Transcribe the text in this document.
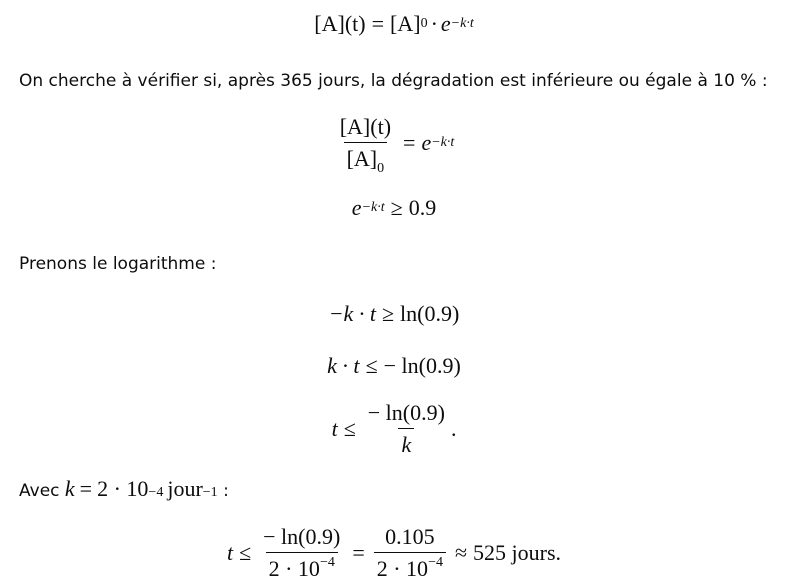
[A](t) = [A] 0 · e −k·t
On cherche à vérifier si, après 365 jours, la dégradation est inférieure ou égale à 10 % :
$\frac{[A](t)}{[A]_0} = e -k\cdot t$
e −k·t ≥ 0.9
Prenons le logarithme :
−k · t ≥ ln(0.9)
k · t ≤ − ln(0.9)
$t \le \frac{- \ln(0.9)}{k}$ .
Avec k = 2 · 10 −4 jour −1 :
$t \le \frac{- \ln(0.9)}{2 \cdot 10^{-4}} = \frac{0.105}{2 \cdot 10^{-4}} \approx 525$ jours.
